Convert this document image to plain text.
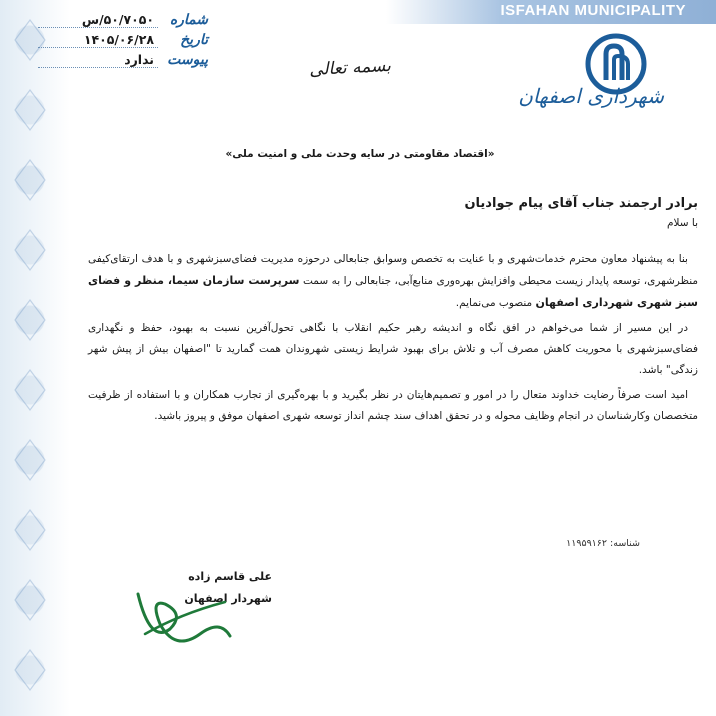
ISFAHAN MUNICIPALITY
شهرداری اصفهان
شماره
۵۰/۷۰۵۰/س
تاریخ
۱۴۰۵/۰۶/۲۸
پیوست
ندارد	بسمه تعالی
«اقتصاد مقاومتی در سایه وحدت ملی و امنیت ملی»

برادر ارجمند جناب آقای پیام جوادیان

با سلام

بنا به پیشنهاد معاون محترم خدمات‌شهری و با عنایت به تخصص وسوابق جنابعالی درحوزه مدیریت فضای‌سبزشهری و با هدف ارتقای‌کیفی منظرشهری، توسعه پایدار زیست محیطی وافزایش بهره‌وری منابع‌آبی، جنابعالی را به سمت سرپرست سازمان سیما، منظر و فضای سبز شهری شهرداری اصفهان منصوب می‌نمایم.

در این مسیر از شما می‌خواهم در افق نگاه و اندیشه رهبر حکیم انقلاب با نگاهی تحول‌آفرین نسبت به بهبود، حفظ و نگهداری فضای‌سبزشهری با محوریت کاهش مصرف آب و تلاش برای بهبود شرایط زیستی شهروندان همت گمارید تا "اصفهان بیش از پیش شهر زندگی" باشد.

امید است صرفاً رضایت خداوند متعال را در امور و تصمیم‌هایتان در نظر بگیرید و با بهره‌گیری از تجارب همکاران و با استفاده از ظرفیت متخصصان وکارشناسان در انجام وظایف محوله و در تحقق اهداف سند چشم انداز توسعه شهری اصفهان موفق و پیروز باشید.

شناسه: ۱۱۹۵۹۱۶۲
علی قاسم زاده
شهردار اصفهان
